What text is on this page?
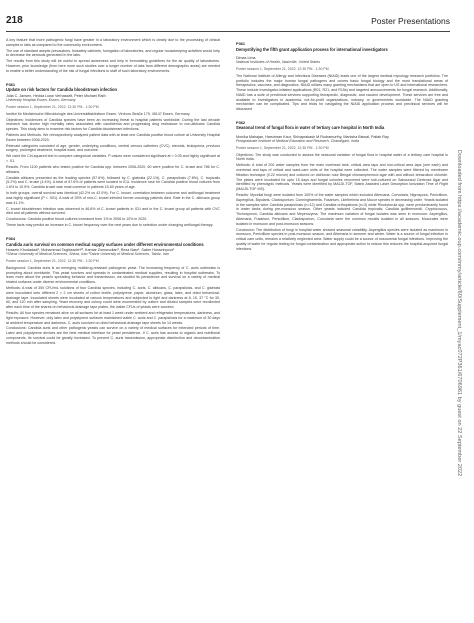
218	Poster Presentations

A key feature that more pathogenic fungi have greater in a laboratory environment which is clearly due to the processing of clinical samples in labs as compared to the community environment.

The use of standard aseptic precautions, biosafety cabinets, fumigation of laboratories, and regular housekeeping activities would help to decrease the aerosols generated in the labs.

The results from this study will be useful to spread awareness and help in formulating guidelines for the air quality of laboratories. However, prior knowledge (from here more such studies over a longer number of labs from different demographic areas) are needed to enable a better understanding of the risk of fungal infections to staff of such laboratory environments.

P361
Update on risk factors for Candida bloodstream infection

Julia C. Jansen, Hedda Luise Verhasselt, Peter Michael Rath

University Hospital Essen, Essen, Germany

Poster session 1, September 21, 2022, 12:30 PM - 1:30 PM

Institut für Medizinische Mikrobiologie des Universitätsklinikum Essen, Virchow Straße 179, 45147 Essen, Germany.

Objectives: Incidences of Candida species have been an increasing threat to hospital patients worldwide. During the last decade research has shown high mortality rates associated with candidemia and progressing drug resistance to non-albicans Candida species. This study aims to examine risk factors for Candida bloodstream infections.

Patients and Methods: We retrospectively analyzed patient data with at least one Candida positive blood culture at University Hospital Essen between 2006-2020.

Relevant categories consisted of age, gender, underlying conditions, central venous catheters (CVC), steroids, leukopenia, previous surgery, prolonged treatment, hospital ward, and outcome.

We used the Chi-squared test to compare categorical variables. P-values were considered significant at < 0.05 and highly significant at < .01.

Results: From 1100 patients who tested positive for Candida spp. between 2006-2020, 60 were positive for C. krusei and 786 for C. albicans.

Candida albicans presented as the leading species (57.6%), followed by C. glabrata (22.1%), C. parapsilosis (7.8%), C. tropicalis (5.2%) and C. krusei (4.4%). A total of 67.6% of patients were located in ICU. Incidence rose for Candida positive blood cultures from 1.6% to 10.5%. Candida krusei was most common in patients 15-60 years of age.

In both groups, overall survival was identical (42.2% vs 42.0%). For C. krusei, correlation between outcome and antifungal treatment was highly significant (P < .001). A total of 25% of non-C. krusei infected former-oncology patients died. Rate in the C. albicans group was 41.1%.

C. krusei bloodstream infection was observed in 46.6% of C. krusei patients in ICU and in the C. krusei group all patients with CVC died and all patients without survived.

Conclusions: Candida positive blood cultures increased from 1% in 2006 to 10% in 2020.

These facts may predict an increase in C. krusei frequency over the next years due to selection under changing antifungal therapy.

P364
Candida auris survival on common medical supply surfaces under different environmental conditions

Hossein Khodadadi¹, Mohammad Taghizadeh²³, Kamiar Zomorodian³, Reza Nasr¹, Saber Hosseinpour¹

¹Shiraz University of Medical Sciences, Shiraz, Iran ²Tabriz University of Medical Sciences, Tabriz, Iran

Poster session 1, September 21, 2022, 12:30 PM - 1:30 PM

Background: Candida auris is an emerging multidrug-resistant pathogenic yeast. The increasing frequency of C. auris outbreaks is prompting about worldwide. This yeast survives and spreads in contaminated medical supplies, resulting in hospital outbreaks. To learn more about the yeast's spreading behavior and transmission, we studied its persistence and survival on a variety of medical related surfaces under diverse environmental conditions.

Methods: A total of 300 CFU/mL solutions of four Candida species, including C. auris, C. albicans, C. parapsilosis, and C. glabrata were inoculated onto different 2 × 2 cm sheets of cotton textile, polystyrene, paper, aluminum, glass, latex, and dried behavioral-drainage tape. Inoculated sheets were incubated at various temperatures and subjected to light and darkness at 8, 15, 37 °C for 30, 60, and 120 min after sampling. Yeast recovery and colony count were enumerated by culture and diluted samples were recollected after each time of the shares on behavioral-drainage tape plates, the viable CFUs of yeasts were counted.

Results: All four species remained alive on all surfaces for at least 1 week under ambient and refrigerator temperatures, darkness, and light exposure. However, only latex and polystyrene surfaces maintained viable C. auris and C. parapsilosis for a maximum of 30 days at ambient temperature and darkness. C. auris survived on dried behavioral-drainage tape sheets for 14 weeks.

Conclusions: Candida auris and other pathogenic yeasts can survive on a variety of medical surfaces for extended periods of time. Latex and polystyrene devices are the best medical interface for yeast persistence. If C. auris has access to organic and nutritional components, its survival could be greatly increased. To prevent C. auris transmission, appropriate disinfection and decontamination methods should be considered.

P361
Demystifying the fifth grant application process for international investigators

Dimas Lima

National Institutes of Health, Nashville, United States

Poster session 1, September 21, 2022, 12:30 PM - 1:30 PM

The National Institute of Allergy and Infectious Diseases (NIAID) leads one of the largest medical mycology research portfolios. The portfolio includes the major human fungal pathogens and covers basic fungal biology and the most translational areas of therapeutics, vaccines, and diagnostics. NIAID utilizes many granting mechanisms that are open to US and international researchers. These include investigator-initiated applications (R01, R21, and R15s) and targeted announcements for fungal research. Additionally, NIAID has a suite of preclinical services supporting therapeutic, diagnostic, and vaccine development. These services are free and available to investigators in academia, not-for-profit organizations, industry, or governments worldwide. The NIAID granting mechanism can be complicated. Tips and tricks for navigating the NIAID application process and preclinical services will be discussed.

P362
Seasonal trend of fungal flora in water of tertiary care hospital in North India

Monika Mahajan, Harsimran Kaur, Shivaprakash M Rudramurthy, Manisha Biswal, Pallab Ray

Postgraduate Institute of Medical Education and Research, Chandigarh, India

Poster session 1, September 21, 2022, 12:30 PM - 1:30 PM

Objectives: The study was conducted to assess the seasonal variation of fungal flora in hospital water of a tertiary care hospital in North India.

Methods: A total of 200 water samples from the main overhead tank, critical area taps and non-critical area taps (one each) and overhead and taps of critical and ward-care units of the hospital were collected. The water samples were filtered by membrane filtration technique (0.22 micron) and cultured on dichloran rose Bengal chloramphenicol agar with and without tetrazolium chloride. The plates were incubated for upto 15 days and fungal colonies recovered were sub-cultured on Sabouraud Dextrose Agar and identified by phenotypic methods. Yeasts were identified by MALDI-TOF, Matrix Assisted Laser Desorption Ionization Time of Flight (MALDI-TOF MS).

Results: Mycelial fungi were isolated from 100% of the water samples which included Alternaria, Curvularia, Nigrospora, Penicillium, Aspergillus, Bipolaris, Cladosporium, Cunninghamella, Fusarium, Lichtheimia and Mucor species in decreasing order. Yeasts isolated in the samples were Candida parapsilosis (n=12) and Candida orthopsilosis (n=3) while Rhodotorula spp. were predominantly found in water tanks during pre-monsoon season. Other yeasts included Candida tropicalis, Candida guilliermondii, Cryptococcus, Trichosporon, Candida albicans and Meyerozyma. The maximum variation of fungal isolates was seen in monsoon: Aspergillus, Alternaria, Fusarium, Penicillium, Cladosporium, Curvularia were the common moulds isolated in all seasons. Mucorales were isolated in monsoon and post-monsoon seasons.

Conclusion: The distribution of fungi in hospital water showed seasonal variability. Aspergillus species were isolated as maximum in monsoon, Penicillium species in post-monsoon season, and Alternaria in summer and winter. Water is a source of fungal infection in critical care units, remains a relatively neglected area. Water supply could be a source of nosocomial fungal infections. Improving the quality of water for regular testing for fungal contamination and appropriate action to reduce this reduces the hospital-acquired fungal infections.	Downloaded from https://academic.oup.com/mmy/article/60/Supplement_1/myac072P361/6706961 by guest on 22 September 2022
